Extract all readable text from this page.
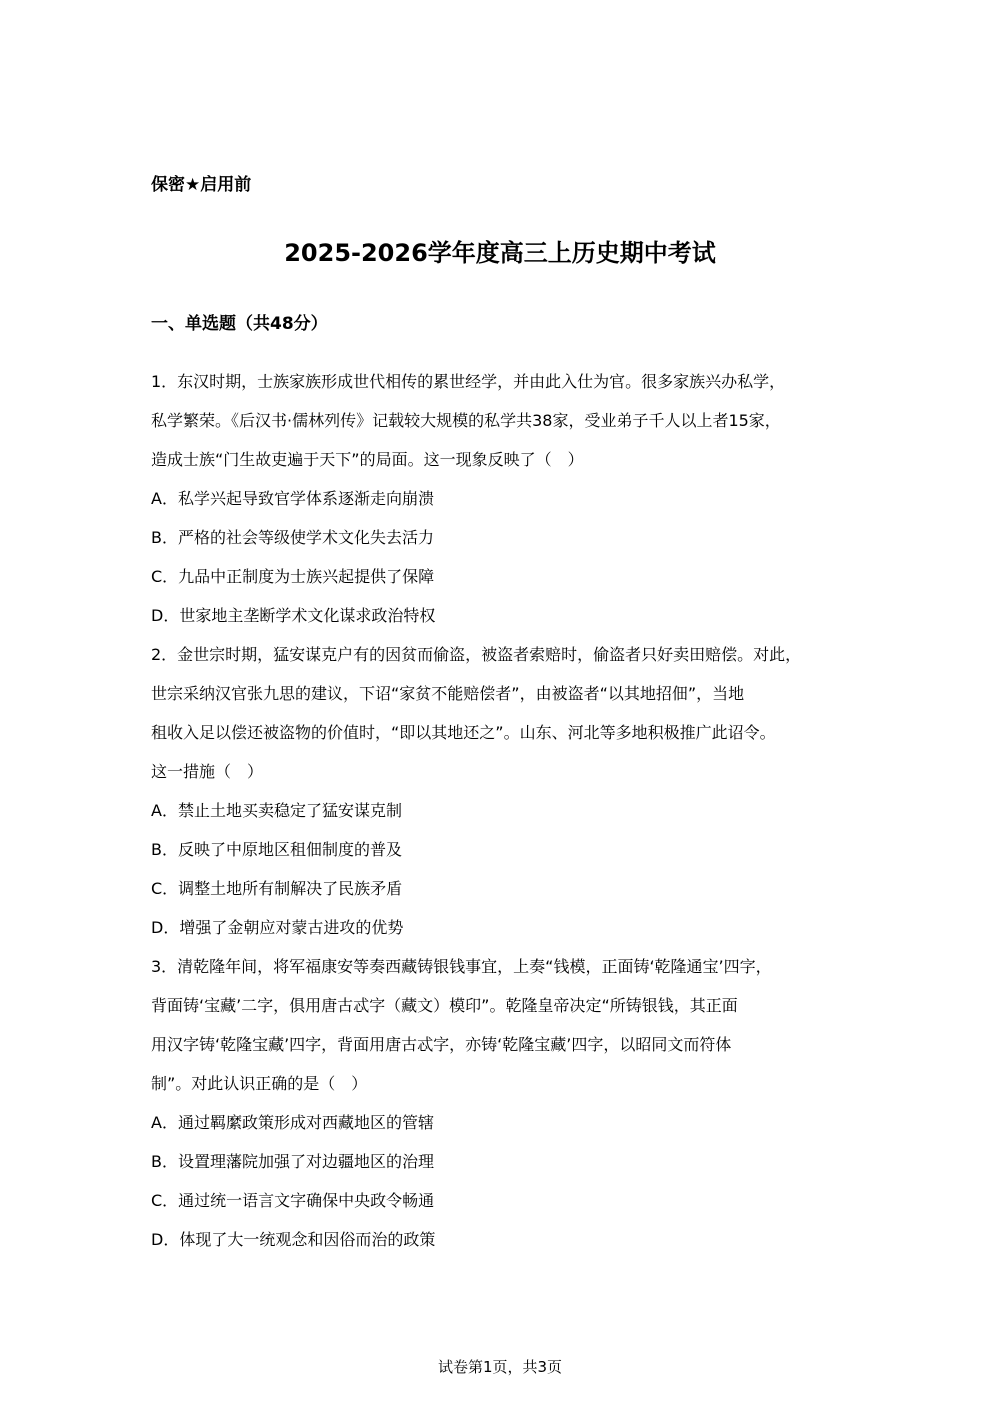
保密★启用前
2025-2026学年度高三上历史期中考试
一、单选题（共48分）

1．东汉时期，士族家族形成世代相传的累世经学，并由此入仕为官。很多家族兴办私学，
私学繁荣。《后汉书·儒林列传》记载较大规模的私学共38家，受业弟子千人以上者15家，
造成士族“门生故吏遍于天下”的局面。这一现象反映了（　）

A．私学兴起导致官学体系逐渐走向崩溃

B．严格的社会等级使学术文化失去活力

C．九品中正制度为士族兴起提供了保障

D．世家地主垄断学术文化谋求政治特权

2．金世宗时期，猛安谋克户有的因贫而偷盗，被盗者索赔时，偷盗者只好卖田赔偿。对此，
世宗采纳汉官张九思的建议，下诏“家贫不能赔偿者”，由被盗者“以其地招佃”，当地
租收入足以偿还被盗物的价值时，“即以其地还之”。山东、河北等多地积极推广此诏令。
这一措施（　）

A．禁止土地买卖稳定了猛安谋克制

B．反映了中原地区租佃制度的普及

C．调整土地所有制解决了民族矛盾

D．增强了金朝应对蒙古进攻的优势

3．清乾隆年间，将军福康安等奏西藏铸银钱事宜，上奏“钱模，正面铸‘乾隆通宝’四字，
背面铸‘宝藏’二字，俱用唐古忒字（藏文）模印”。乾隆皇帝决定“所铸银钱，其正面
用汉字铸‘乾隆宝藏’四字，背面用唐古忒字，亦铸‘乾隆宝藏’四字，以昭同文而符体
制”。对此认识正确的是（　）

A．通过羁縻政策形成对西藏地区的管辖

B．设置理藩院加强了对边疆地区的治理

C．通过统一语言文字确保中央政令畅通

D．体现了大一统观念和因俗而治的政策

试卷第1页，共3页
